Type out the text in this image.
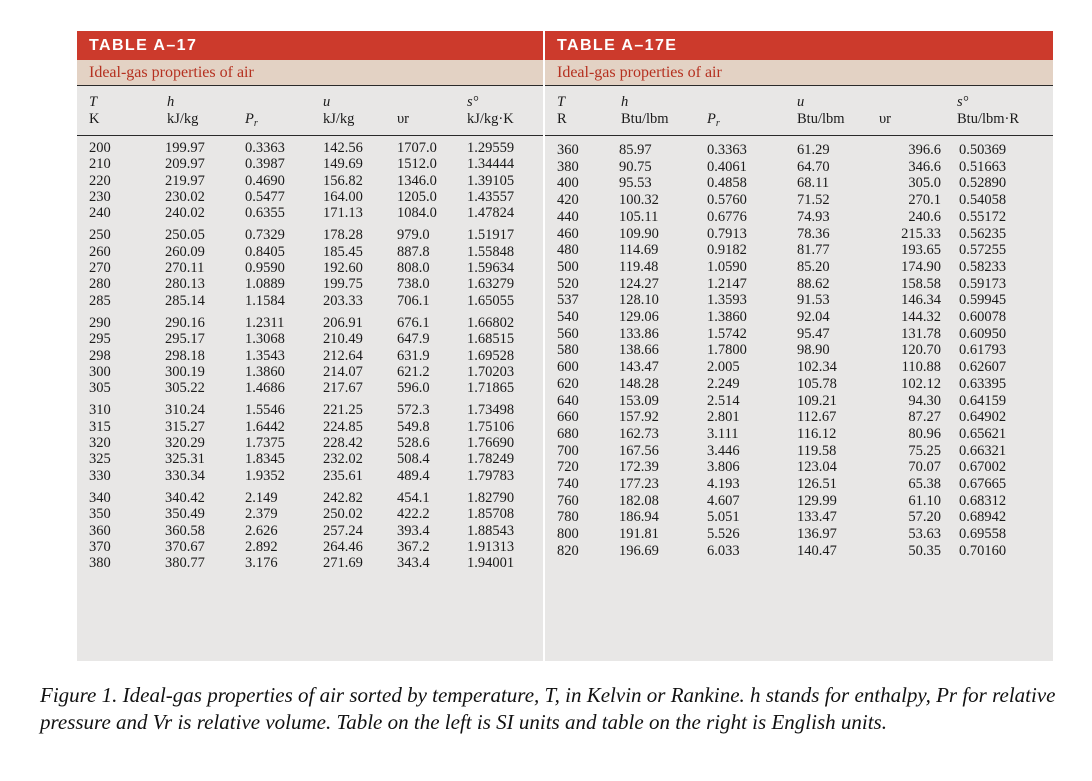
TABLE A–17
Ideal-gas properties of air
T	h		u		s°
K	kJ/kg	$P_r$	kJ/kg	υr	kJ/kg·K
200	199.97	0.3363	142.56	1707.0	1.29559
210	209.97	0.3987	149.69	1512.0	1.34444
220	219.97	0.4690	156.82	1346.0	1.39105
230	230.02	0.5477	164.00	1205.0	1.43557
240	240.02	0.6355	171.13	1084.0	1.47824
250	250.05	0.7329	178.28	979.0	1.51917
260	260.09	0.8405	185.45	887.8	1.55848
270	270.11	0.9590	192.60	808.0	1.59634
280	280.13	1.0889	199.75	738.0	1.63279
285	285.14	1.1584	203.33	706.1	1.65055
290	290.16	1.2311	206.91	676.1	1.66802
295	295.17	1.3068	210.49	647.9	1.68515
298	298.18	1.3543	212.64	631.9	1.69528
300	300.19	1.3860	214.07	621.2	1.70203
305	305.22	1.4686	217.67	596.0	1.71865
310	310.24	1.5546	221.25	572.3	1.73498
315	315.27	1.6442	224.85	549.8	1.75106
320	320.29	1.7375	228.42	528.6	1.76690
325	325.31	1.8345	232.02	508.4	1.78249
330	330.34	1.9352	235.61	489.4	1.79783
340	340.42	2.149	242.82	454.1	1.82790
350	350.49	2.379	250.02	422.2	1.85708
360	360.58	2.626	257.24	393.4	1.88543
370	370.67	2.892	264.46	367.2	1.91313
380	380.77	3.176	271.69	343.4	1.94001
TABLE A–17E
Ideal-gas properties of air
T	h		u		s°
R	Btu/lbm	$P_r$	Btu/lbm	υr	Btu/lbm·R
360	85.97	0.3363	61.29	396.6	0.50369
380	90.75	0.4061	64.70	346.6	0.51663
400	95.53	0.4858	68.11	305.0	0.52890
420	100.32	0.5760	71.52	270.1	0.54058
440	105.11	0.6776	74.93	240.6	0.55172
460	109.90	0.7913	78.36	215.33	0.56235
480	114.69	0.9182	81.77	193.65	0.57255
500	119.48	1.0590	85.20	174.90	0.58233
520	124.27	1.2147	88.62	158.58	0.59173
537	128.10	1.3593	91.53	146.34	0.59945
540	129.06	1.3860	92.04	144.32	0.60078
560	133.86	1.5742	95.47	131.78	0.60950
580	138.66	1.7800	98.90	120.70	0.61793
600	143.47	2.005	102.34	110.88	0.62607
620	148.28	2.249	105.78	102.12	0.63395
640	153.09	2.514	109.21	94.30	0.64159
660	157.92	2.801	112.67	87.27	0.64902
680	162.73	3.111	116.12	80.96	0.65621
700	167.56	3.446	119.58	75.25	0.66321
720	172.39	3.806	123.04	70.07	0.67002
740	177.23	4.193	126.51	65.38	0.67665
760	182.08	4.607	129.99	61.10	0.68312
780	186.94	5.051	133.47	57.20	0.68942
800	191.81	5.526	136.97	53.63	0.69558
820	196.69	6.033	140.47	50.35	0.70160

Figure 1. Ideal-gas properties of air sorted by temperature, T, in Kelvin or Rankine. h stands for enthalpy, Pr for relative pressure and Vr is relative volume. Table on the left is SI units and table on the right is English units.
